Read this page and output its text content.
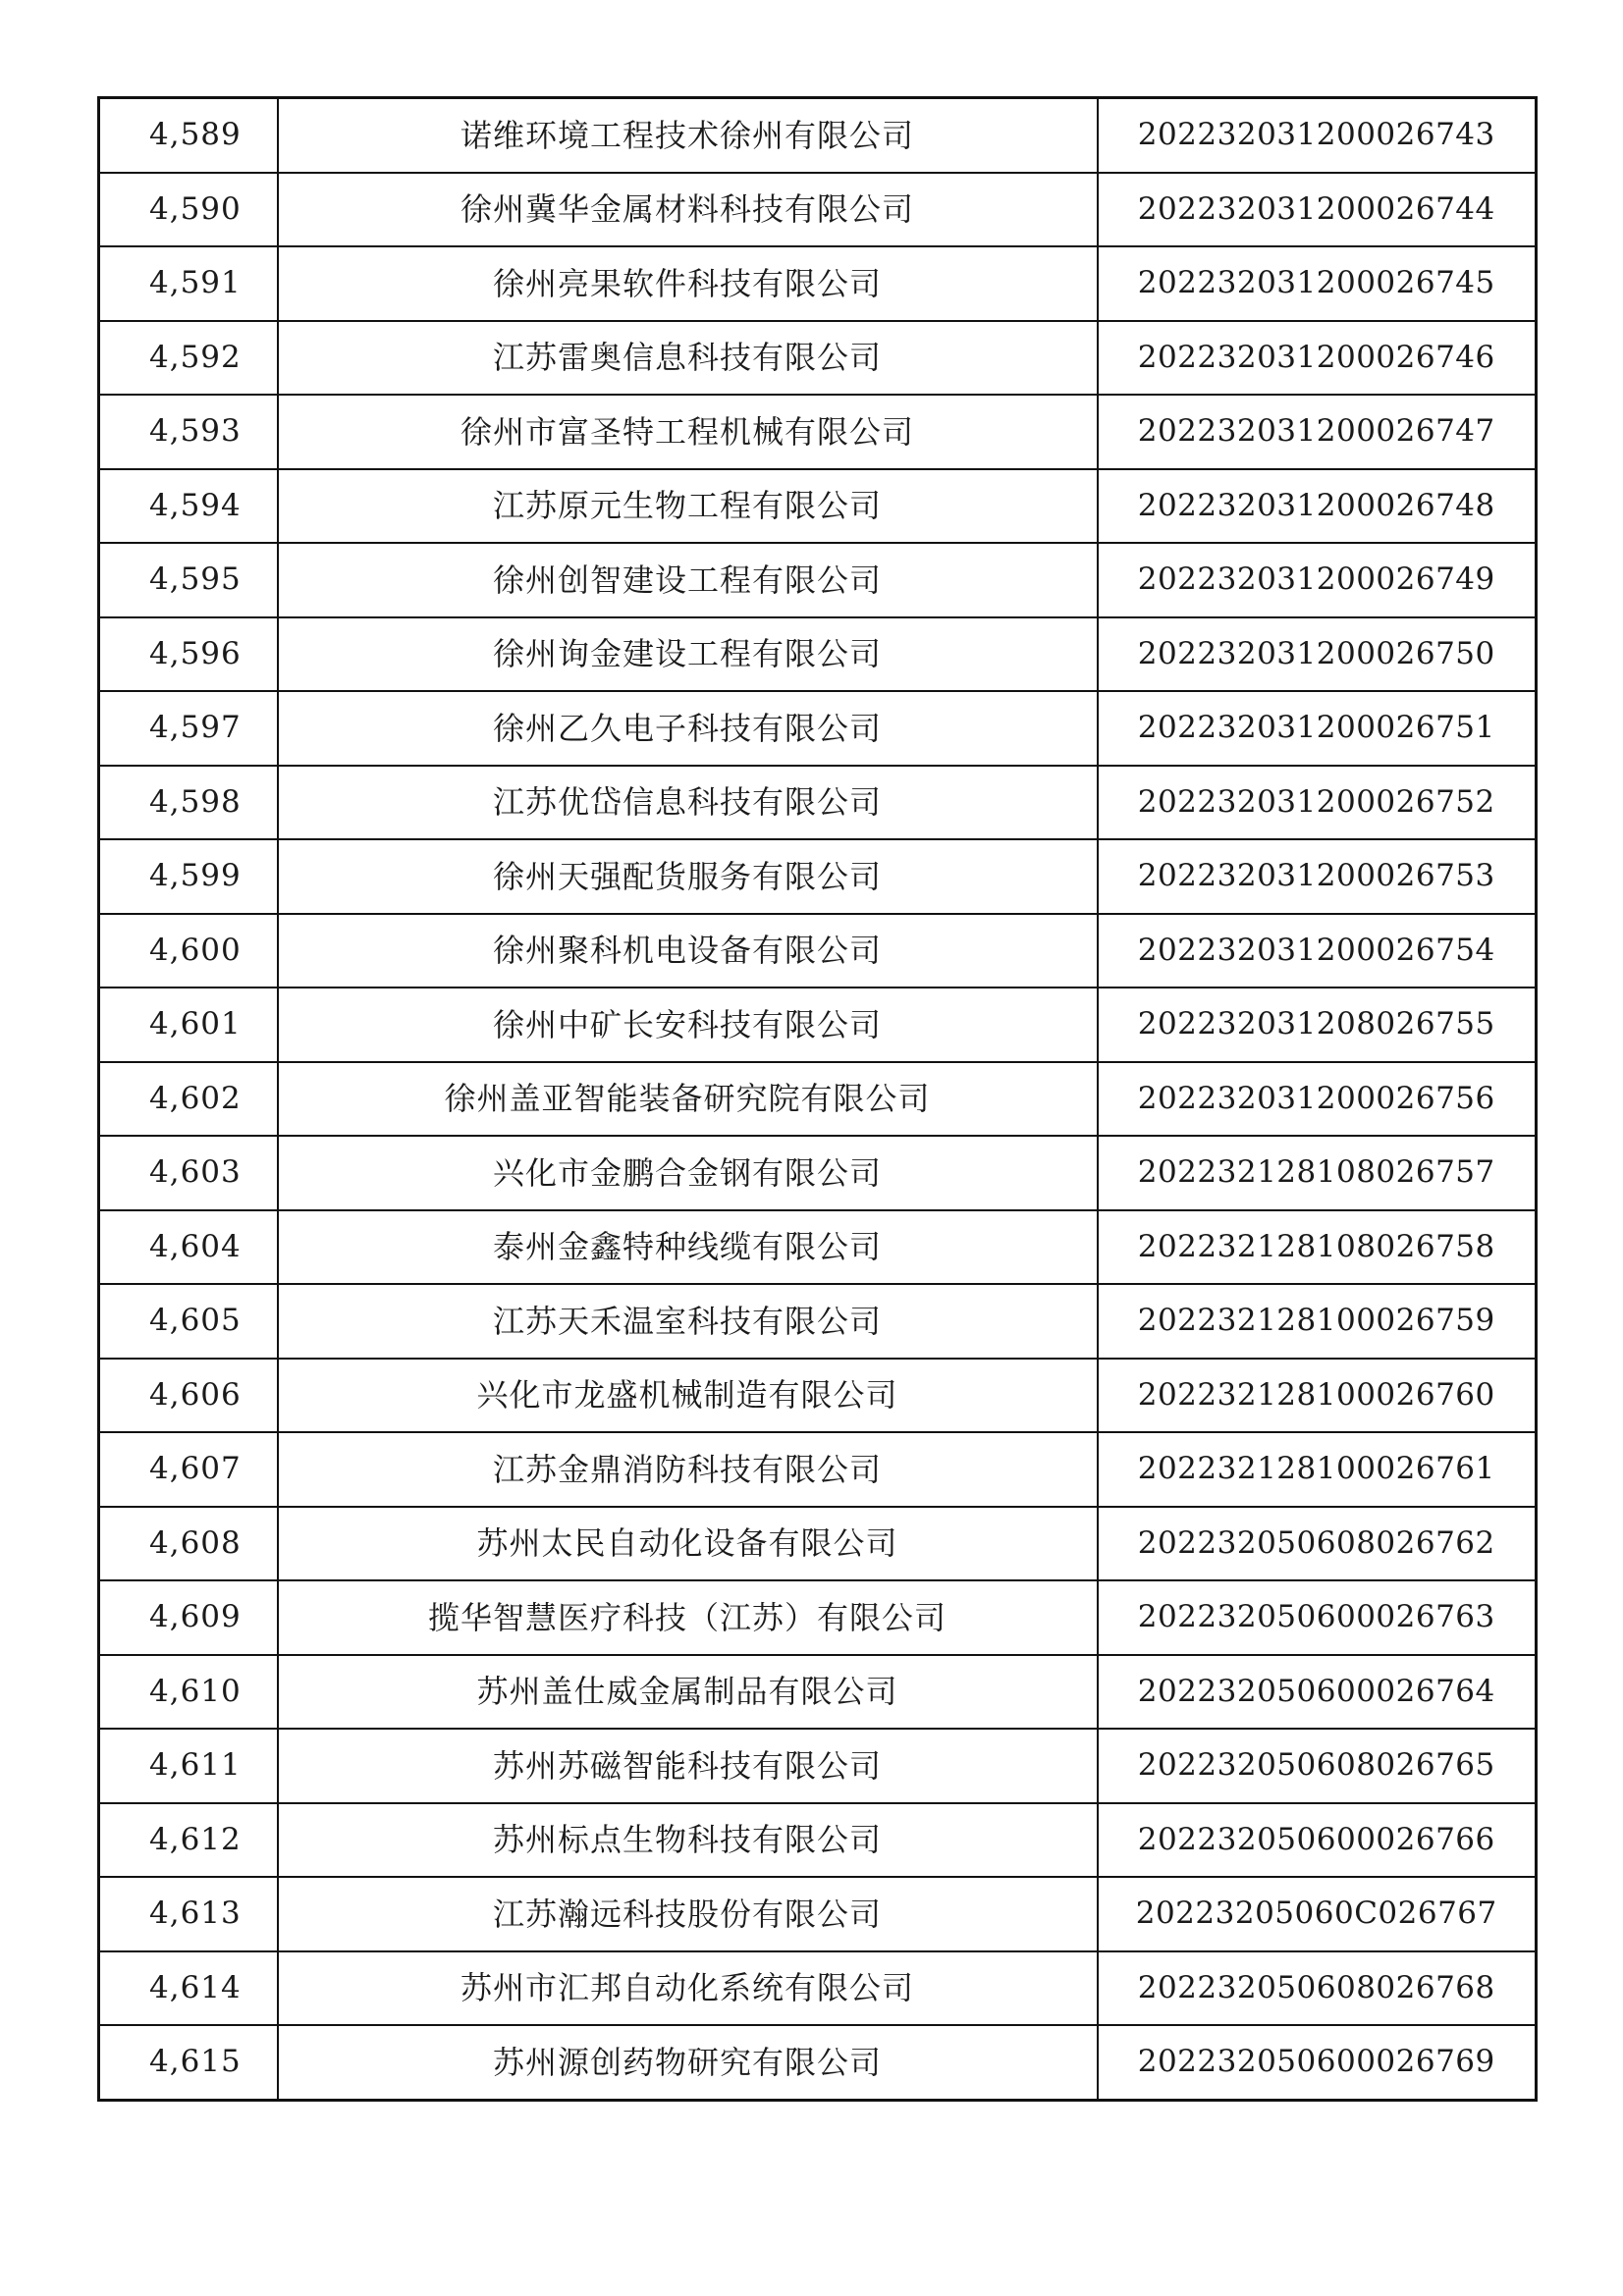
4,589	诺维环境工程技术徐州有限公司	20223203120002674​3
4,590	徐州冀华金属材料科技有限公司	202232031200026744
4,591	徐州亮果软件科技有限公司	202232031200026745
4,592	江苏雷奥信息科技有限公司	202232031200026746
4,593	徐州市富圣特工程机械有限公司	202232031200026747
4,594	江苏原元生物工程有限公司	202232031200026748
4,595	徐州创智建设工程有限公司	202232031200026749
4,596	徐州询金建设工程有限公司	202232031200026750
4,597	徐州乙久电子科技有限公司	202232031200026751
4,598	江苏优岱信息科技有限公司	202232031200026752
4,599	徐州天强配货服务有限公司	202232031200026753
4,600	徐州聚科机电设备有限公司	202232031200026754
4,601	徐州中矿长安科技有限公司	202232031208026755
4,602	徐州盖亚智能装备研究院有限公司	202232031200026756
4,603	兴化市金鹏合金钢有限公司	202232128108026757
4,604	泰州金鑫特种线缆有限公司	202232128108026758
4,605	江苏天禾温室科技有限公司	202232128100026759
4,606	兴化市龙盛机械制造有限公司	202232128100026760
4,607	江苏金鼎消防科技有限公司	202232128100026761
4,608	苏州太民自动化设备有限公司	202232050608026762
4,609	揽华智慧医疗科技（江苏）有限公司	202232050600026763
4,610	苏州盖仕威金属制品有限公司	202232050600026764
4,611	苏州苏磁智能科技有限公司	202232050608026765
4,612	苏州标点生物科技有限公司	202232050600026766
4,613	江苏瀚远科技股份有限公司	20223205060C026767
4,614	苏州市汇邦自动化系统有限公司	202232050608026768
4,615	苏州源创药物研究有限公司	202232050600026769
